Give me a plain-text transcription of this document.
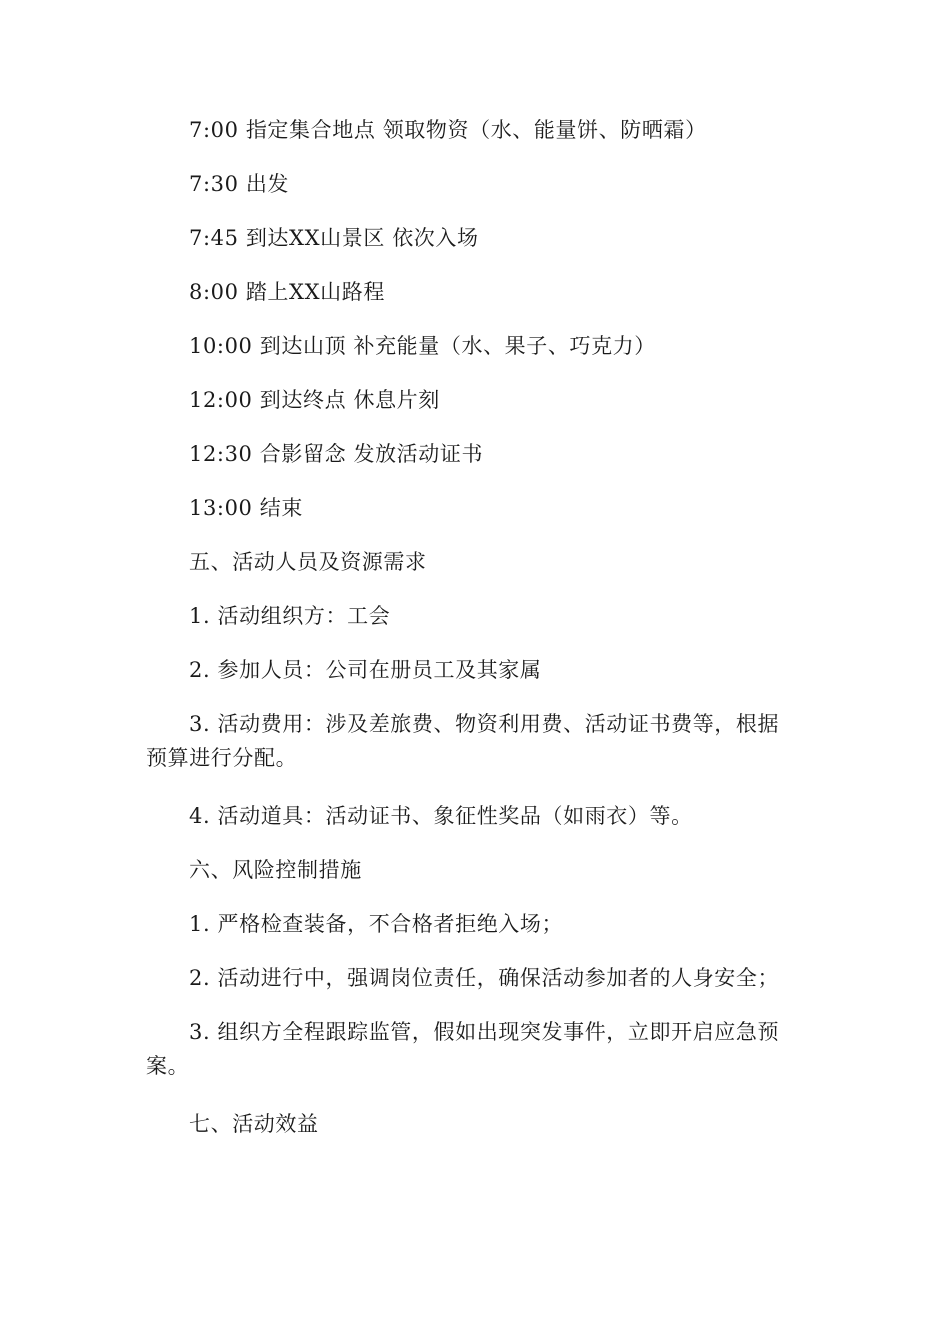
7:00 指定集合地点 领取物资（水、能量饼、防晒霜）
7:30 出发
7:45 到达XX山景区 依次入场
8:00 踏上XX山路程
10:00 到达山顶 补充能量（水、果子、巧克力）
12:00 到达终点 休息片刻
12:30 合影留念 发放活动证书
13:00 结束
五、活动人员及资源需求
1. 活动组织方：工会
2. 参加人员：公司在册员工及其家属
3. 活动费用：涉及差旅费、物资利用费、活动证书费等，根据
预算进行分配。
4. 活动道具：活动证书、象征性奖品（如雨衣）等。
六、风险控制措施
1. 严格检查装备，不合格者拒绝入场；
2. 活动进行中，强调岗位责任，确保活动参加者的人身安全；
3. 组织方全程跟踪监管，假如出现突发事件，立即开启应急预
案。
七、活动效益
